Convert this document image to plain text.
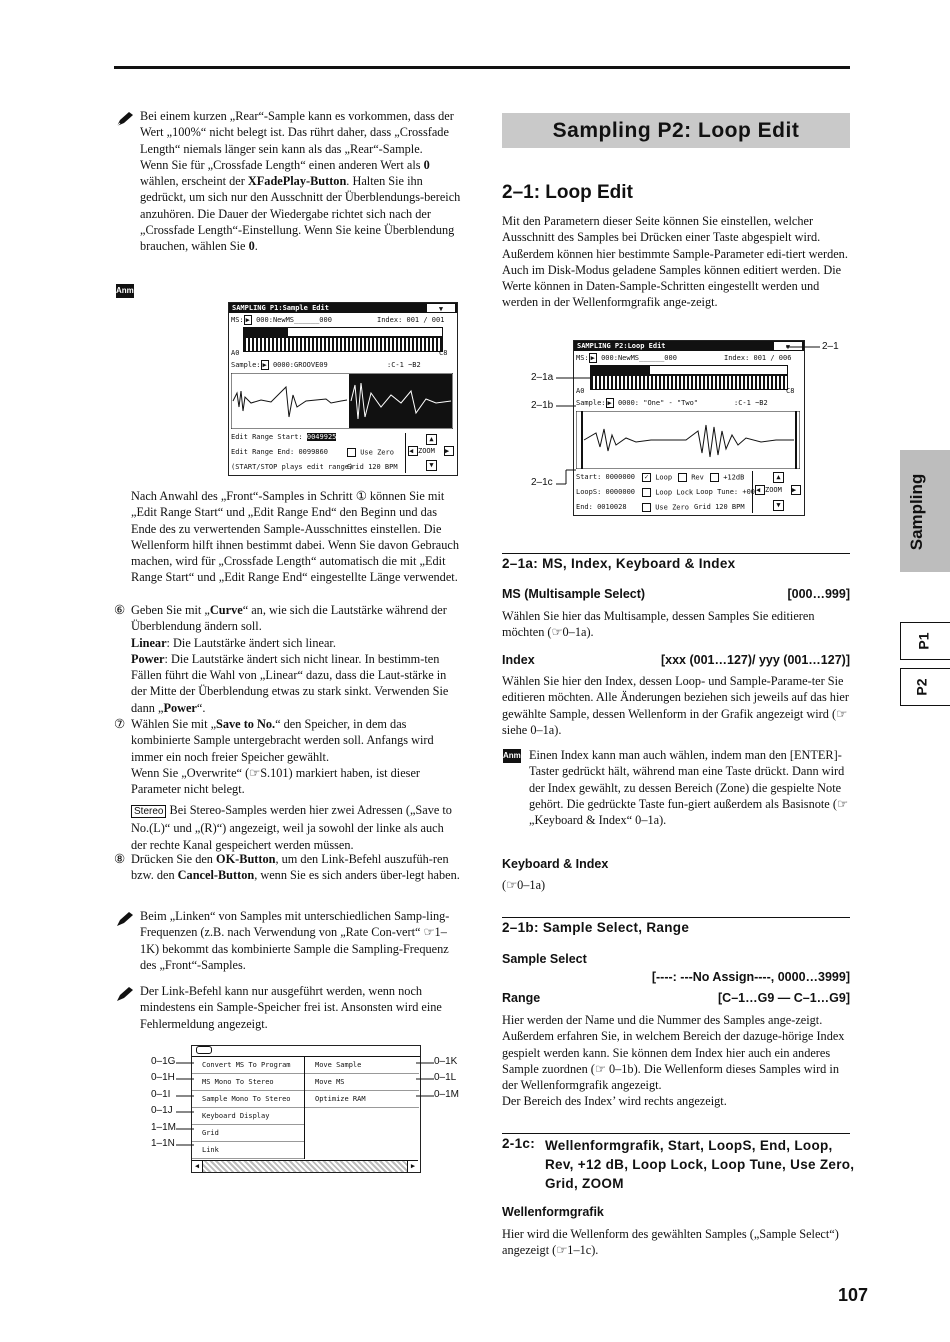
Bei einem kurzen „Rear“-Sample kann es vorkommen, dass der Wert „100%“ nicht belegt ist. Das rührt daher, dass „Crossfade Length“ niemals länger sein kann als das „Rear“-Sample.
Wenn Sie für „Crossfade Length“ einen anderen Wert als 0 wählen, erscheint der XFadePlay-Button. Halten Sie ihn gedrückt, um sich nur den Ausschnitt der Überblendungs-bereich anzuhören. Die Dauer der Wiedergabe richtet sich nach der „Crossfade Length“-Einstellung. Wenn Sie keine Überblendung brauchen, wählen Sie 0.
Anm.
SAMPLING P1:Sample Edit	▼
MS: ▶ 000:NewMS______000	Index: 001 / 001
A0	C8
Sample: ▶ 0000:GROOVE09	:C-1 ~B2
Edit Range Start: 0049925
Edit Range End: 0099860	Use Zero
(START/STOP plays edit range)
Grid 120 BPM
▲
ZOOM
◀	▶
▼
Nach Anwahl des „Front“-Samples in Schritt ① können Sie mit „Edit Range Start“ und „Edit Range End“ den Beginn und das Ende des zu verwertenden Sample-Ausschnittes einstellen. Die Wellenform hilft ihnen bestimmt dabei. Wenn Sie davon Gebrauch machen, wird für „Crossfade Length“ automatisch die mit „Edit Range Start“ und „Edit Range End“ eingestellte Länge verwendet.
⑥ Geben Sie mit „Curve“ an, wie sich die Lautstärke während der Überblendung ändern soll.
Linear: Die Lautstärke ändert sich linear.
Power: Die Lautstärke ändert sich nicht linear. In bestimm-ten Fällen führt die Wahl von „Linear“ dazu, dass die Laut-stärke in der Mitte der Überblendung etwas zu stark sinkt. Verwenden Sie dann „Power“.
⑦ Wählen Sie mit „Save to No.“ den Speicher, in dem das kombinierte Sample untergebracht werden soll. Anfangs wird immer ein noch freier Speicher gewählt.
Wenn Sie „Overwrite“ (☞S.101) markiert haben, ist dieser Parameter nicht belegt.
Stereo Bei Stereo-Samples werden hier zwei Adressen („Save to No.(L)“ und „(R)“) angezeigt, weil ja sowohl der linke als auch der rechte Kanal gespeichert werden müssen.
⑧ Drücken Sie den OK-Button, um den Link-Befehl auszufüh-ren bzw. den Cancel-Button, wenn Sie es sich anders über-legt haben.
Beim „Linken“ von Samples mit unterschiedlichen Samp-ling-Frequenzen (z.B. nach Verwendung von „Rate Con-vert“ ☞1–1K) bekommt das kombinierte Sample die Sampling-Frequenz des „Front“-Samples.
Der Link-Befehl kann nur ausgeführt werden, wenn noch mindestens ein Sample-Speicher frei ist. Ansonsten wird eine Fehlermeldung angezeigt.
Convert MS To Program
MS Mono To Stereo
Sample Mono To Stereo
Keyboard Display
Grid
Link
Move Sample
Move MS
Optimize RAM
◀	▶
0–1G
0–1H
0–1I
0–1J
1–1M
1–1N
0–1K
0–1L
0–1M
Sampling P2: Loop Edit
2–1: Loop Edit
Mit den Parametern dieser Seite können Sie einstellen, welcher Ausschnitt des Samples bei Drücken einer Taste abgespielt wird. Außerdem können hier bestimmte Sample-Parameter edi-tiert werden. Auch im Disk-Modus geladene Samples können editiert werden. Die Werte können in Daten-Sample-Schritten eingestellt werden und werden in der Wellenformgrafik ange-zeigt.
SAMPLING P2:Loop Edit	▼
MS: ▶ 000:NewMS______000	Index: 001 / 006
A0	C8
Sample: ▶ 0000: "One" - "Two"	:C-1 ~B2
Start: 0000000
LoopS: 0000000
End: 0010028
✓ Loop	Rev	+12dB
Loop Lock Loop Tune: +00
Use Zero Grid 120 BPM
▲
ZOOM
◀	▶
▼
2–1
2–1a
2–1b
2–1c
2–1a: MS, Index, Keyboard & Index
MS (Multisample Select)	[000…999]
Wählen Sie hier das Multisample, dessen Samples Sie editieren möchten (☞0–1a).
Index	[xxx (001…127)/ yyy (001…127)]
Wählen Sie hier den Index, dessen Loop- und Sample-Parame-ter Sie editieren möchten. Alle Änderungen beziehen sich jeweils auf das hier gewählte Sample, dessen Wellenform in der Grafik angezeigt wird (☞siehe 0–1a).
Anm. Einen Index kann man auch wählen, indem man den [ENTER]-Taster gedrückt hält, während man eine Taste drückt. Dann wird der Index gewählt, zu dessen Bereich (Zone) die gespielte Note gehört. Die gedrückte Taste fun-giert außerdem als Basisnote (☞„Keyboard & Index“ 0–1a).
Keyboard & Index
(☞0–1a)
2–1b: Sample Select, Range
Sample Select
[----: ---No Assign----, 0000…3999]
Range	[C–1…G9 — C–1…G9]
Hier werden der Name und die Nummer des Samples ange-zeigt. Außerdem erfahren Sie, in welchem Bereich der dazuge-hörige Index gespielt werden kann. Sie können dem Index hier auch ein anderes Sample zuordnen (☞ 0–1b). Die Wellenform dieses Samples wird in der Wellenformgrafik angezeigt.
Der Bereich des Index’ wird rechts angezeigt.
2-1c: Wellenformgrafik, Start, LoopS, End, Loop,
Rev, +12 dB, Loop Lock, Loop Tune, Use Zero,
Grid, ZOOM
Wellenformgrafik
Hier wird die Wellenform des gewählten Samples („Sample Select“) angezeigt (☞1–1c).
Sampling
P1
P2
107
